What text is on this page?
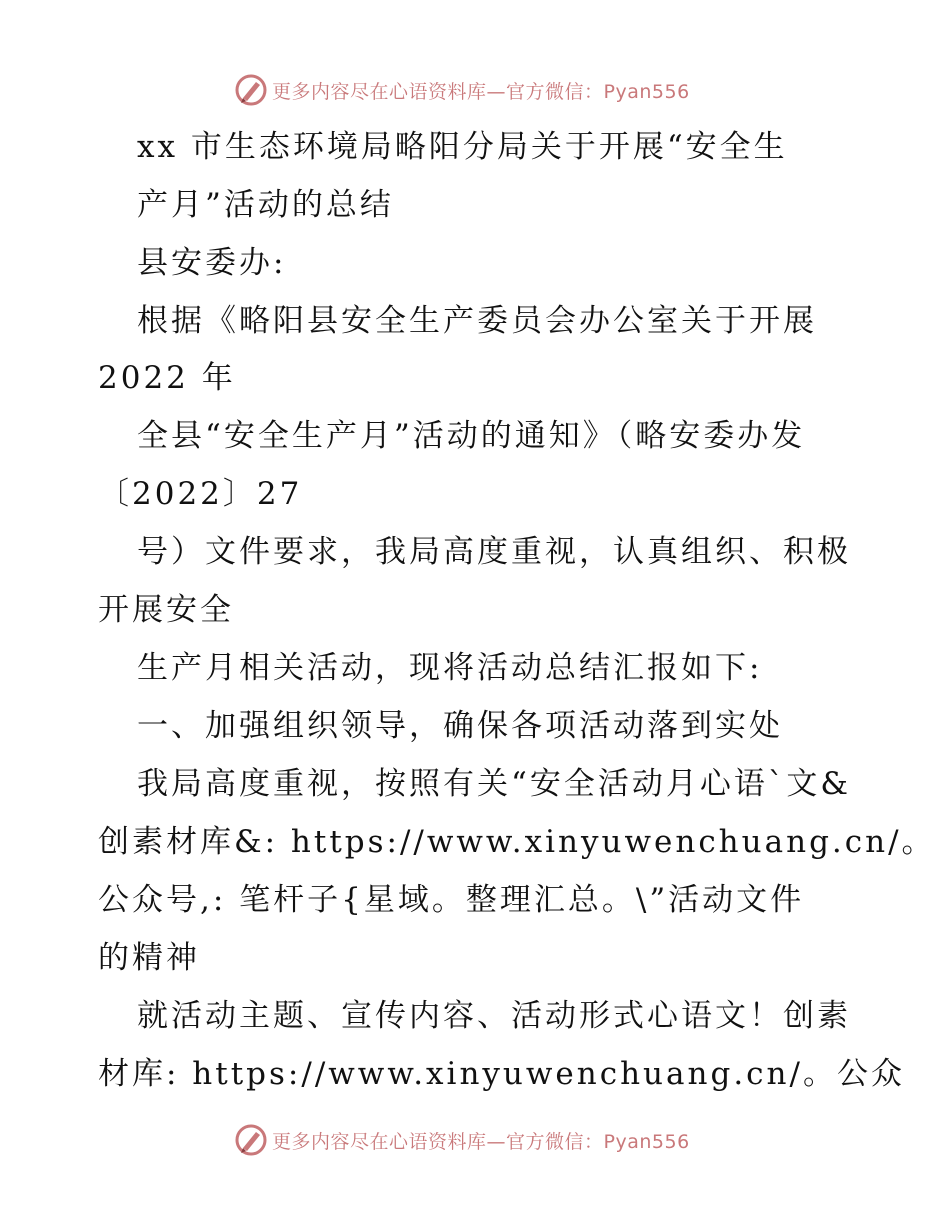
更多内容尽在心语资料库—官方微信：Pyan556
xx 市生态环境局略阳分局关于开展“安全生
产月”活动的总结
县安委办:
根据《略阳县安全生产委员会办公室关于开展
2022 年
全县“安全生产月”活动的通知》（略安委办发
〔2022〕27
号）文件要求，我局高度重视，认真组织、积极
开展安全
生产月相关活动，现将活动总结汇报如下:
一、加强组织领导，确保各项活动落到实处
我局高度重视，按照有关“安全活动月心语`文&
创素材库&: https://www.xinyuwenchuang.cn/。
公众号,: 笔杆子{星域。整理汇总。\”活动文件
的精神
就活动主题、宣传内容、活动形式心语文！创素
材库: https://www.xinyuwenchuang.cn/。公众
更多内容尽在心语资料库—官方微信：Pyan556
